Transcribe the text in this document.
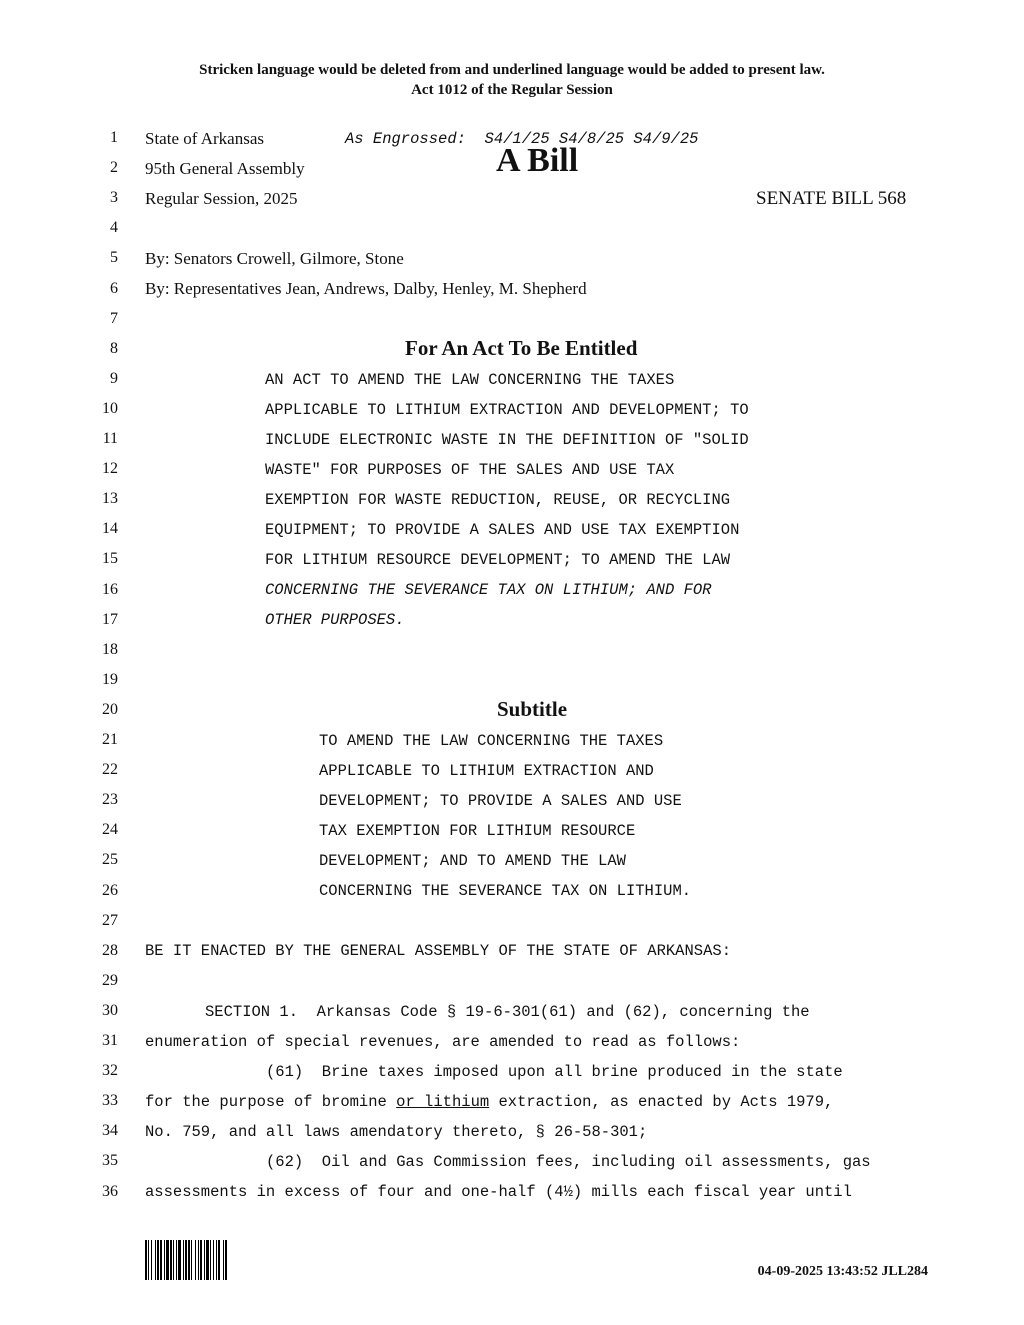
Stricken language would be deleted from and underlined language would be added to present law.
Act 1012 of the Regular Session
1
2
3
4
5
6
7
8
9
10
11
12
13
14
15
16
17
18
19
20
21
22
23
24
25
26
27
28
29
30
31
32
33
34
35
36
State of Arkansas	As Engrossed:  S4/1/25 S4/8/25 S4/9/25
95th General Assembly	A Bill
Regular Session, 2025	SENATE BILL 568
By: Senators Crowell, Gilmore, Stone
By: Representatives Jean, Andrews, Dalby, Henley, M. Shepherd
For An Act To Be Entitled
AN ACT TO AMEND THE LAW CONCERNING THE TAXES
APPLICABLE TO LITHIUM EXTRACTION AND DEVELOPMENT; TO
INCLUDE ELECTRONIC WASTE IN THE DEFINITION OF "SOLID
WASTE" FOR PURPOSES OF THE SALES AND USE TAX
EXEMPTION FOR WASTE REDUCTION, REUSE, OR RECYCLING
EQUIPMENT; TO PROVIDE A SALES AND USE TAX EXEMPTION
FOR LITHIUM RESOURCE DEVELOPMENT; TO AMEND THE LAW
CONCERNING THE SEVERANCE TAX ON LITHIUM; AND FOR
OTHER PURPOSES.
Subtitle
TO AMEND THE LAW CONCERNING THE TAXES
APPLICABLE TO LITHIUM EXTRACTION AND
DEVELOPMENT; TO PROVIDE A SALES AND USE
TAX EXEMPTION FOR LITHIUM RESOURCE
DEVELOPMENT; AND TO AMEND THE LAW
CONCERNING THE SEVERANCE TAX ON LITHIUM.
BE IT ENACTED BY THE GENERAL ASSEMBLY OF THE STATE OF ARKANSAS:
SECTION 1.  Arkansas Code § 19-6-301(61) and (62), concerning the
enumeration of special revenues, are amended to read as follows:
(61)  Brine taxes imposed upon all brine produced in the state
for the purpose of bromine or lithium extraction, as enacted by Acts 1979,
No. 759, and all laws amendatory thereto, § 26-58-301;
(62)  Oil and Gas Commission fees, including oil assessments, gas
assessments in excess of four and one-half (4½) mills each fiscal year until
04-09-2025 13:43:52 JLL284
